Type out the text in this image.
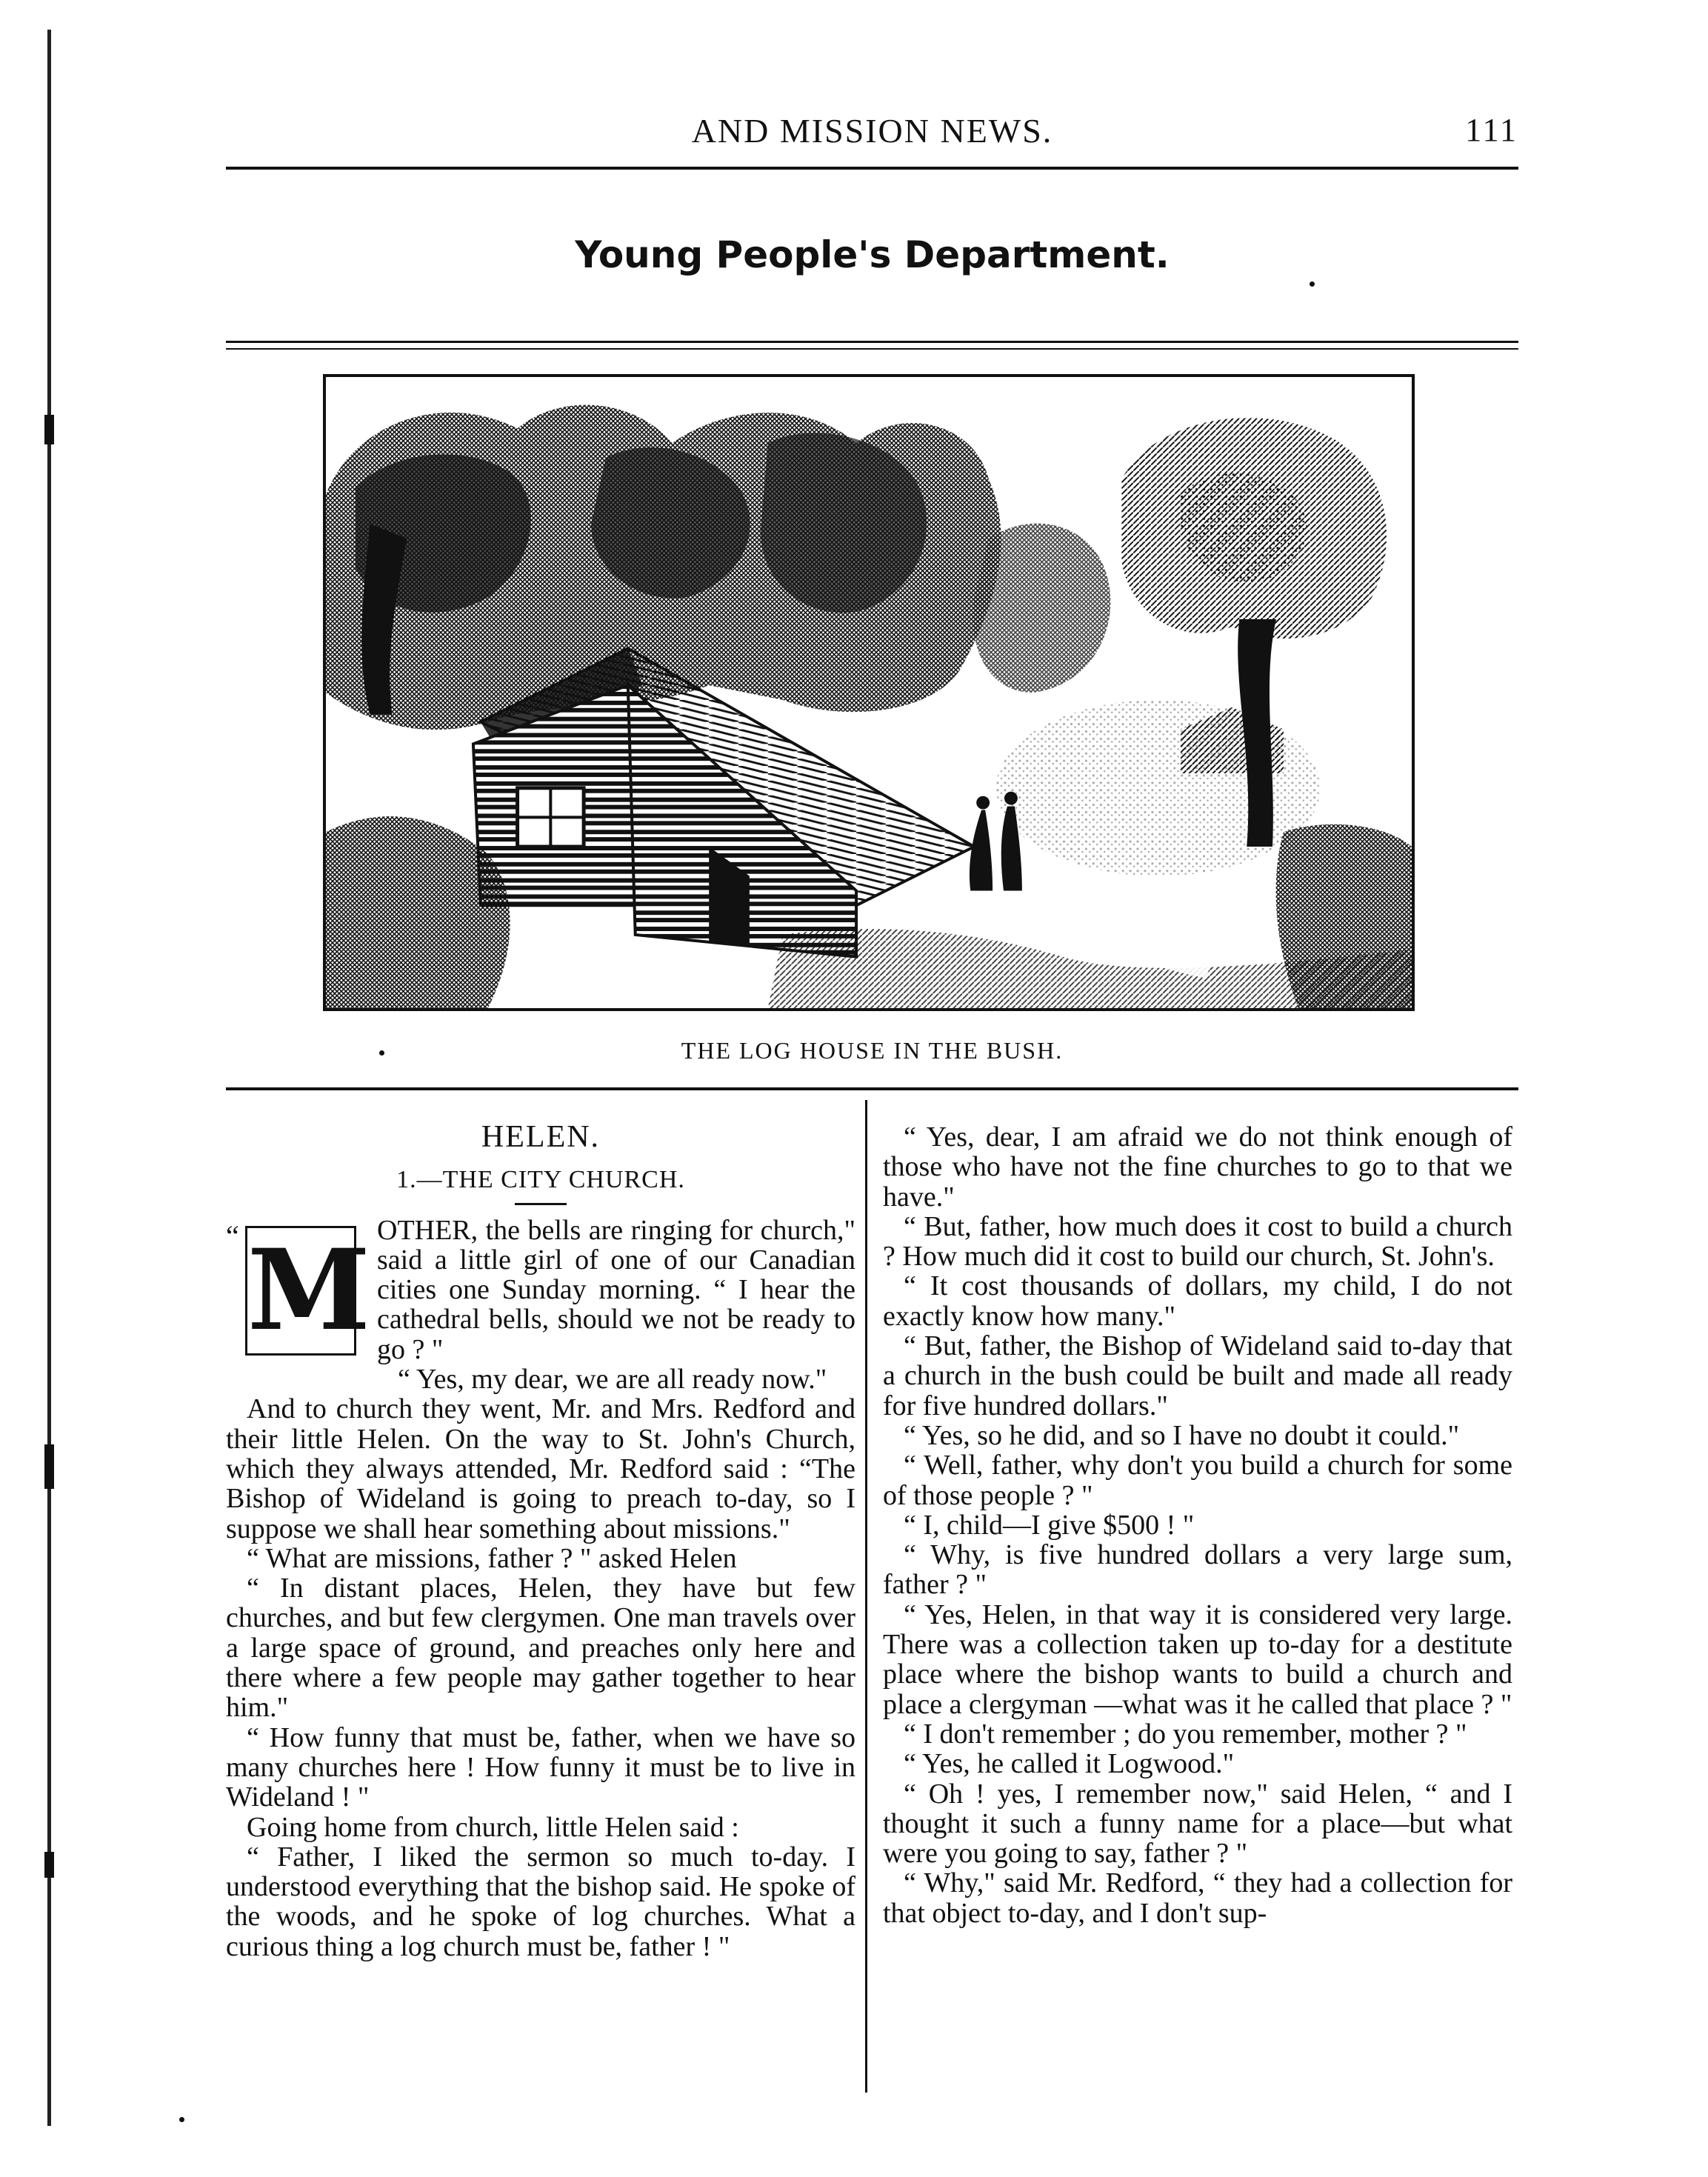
AND MISSION NEWS.	111
Young People's Department.
THE LOG HOUSE IN THE BUSH.
HELEN.
1.—THE CITY CHURCH.
“ M OTHER, the bells are ringing for church," said a little girl of one of our Canadian cities one Sunday morning. “ I hear the cathedral bells, should we not be ready to go ? "

“ Yes, my dear, we are all ready now."

And to church they went, Mr. and Mrs. Redford and their little Helen. On the way to St. John's Church, which they always attended, Mr. Redford said : “The Bishop of Wideland is going to preach to-day, so I suppose we shall hear something about missions."

“ What are missions, father ? " asked Helen

“ In distant places, Helen, they have but few churches, and but few clergymen. One man travels over a large space of ground, and preaches only here and there where a few people may gather together to hear him."

“ How funny that must be, father, when we have so many churches here ! How funny it must be to live in Wideland ! "

Going home from church, little Helen said :

“ Father, I liked the sermon so much to-day. I understood everything that the bishop said. He spoke of the woods, and he spoke of log churches. What a curious thing a log church must be, father ! "

“ Yes, dear, I am afraid we do not think enough of those who have not the fine churches to go to that we have."

“ But, father, how much does it cost to build a church ? How much did it cost to build our church, St. John's.

“ It cost thousands of dollars, my child, I do not exactly know how many."

“ But, father, the Bishop of Wideland said to-day that a church in the bush could be built and made all ready for five hundred dollars."

“ Yes, so he did, and so I have no doubt it could."

“ Well, father, why don't you build a church for some of those people ? "

“ I, child—I give $500 ! "

“ Why, is five hundred dollars a very large sum, father ? "

“ Yes, Helen, in that way it is considered very large. There was a collection taken up to-day for a destitute place where the bishop wants to build a church and place a clergyman —what was it he called that place ? "

“ I don't remember ; do you remember, mother ? "

“ Yes, he called it Logwood."

“ Oh ! yes, I remember now," said Helen, “ and I thought it such a funny name for a place—but what were you going to say, father ? "

“ Why," said Mr. Redford, “ they had a collection for that object to-day, and I don't sup-
